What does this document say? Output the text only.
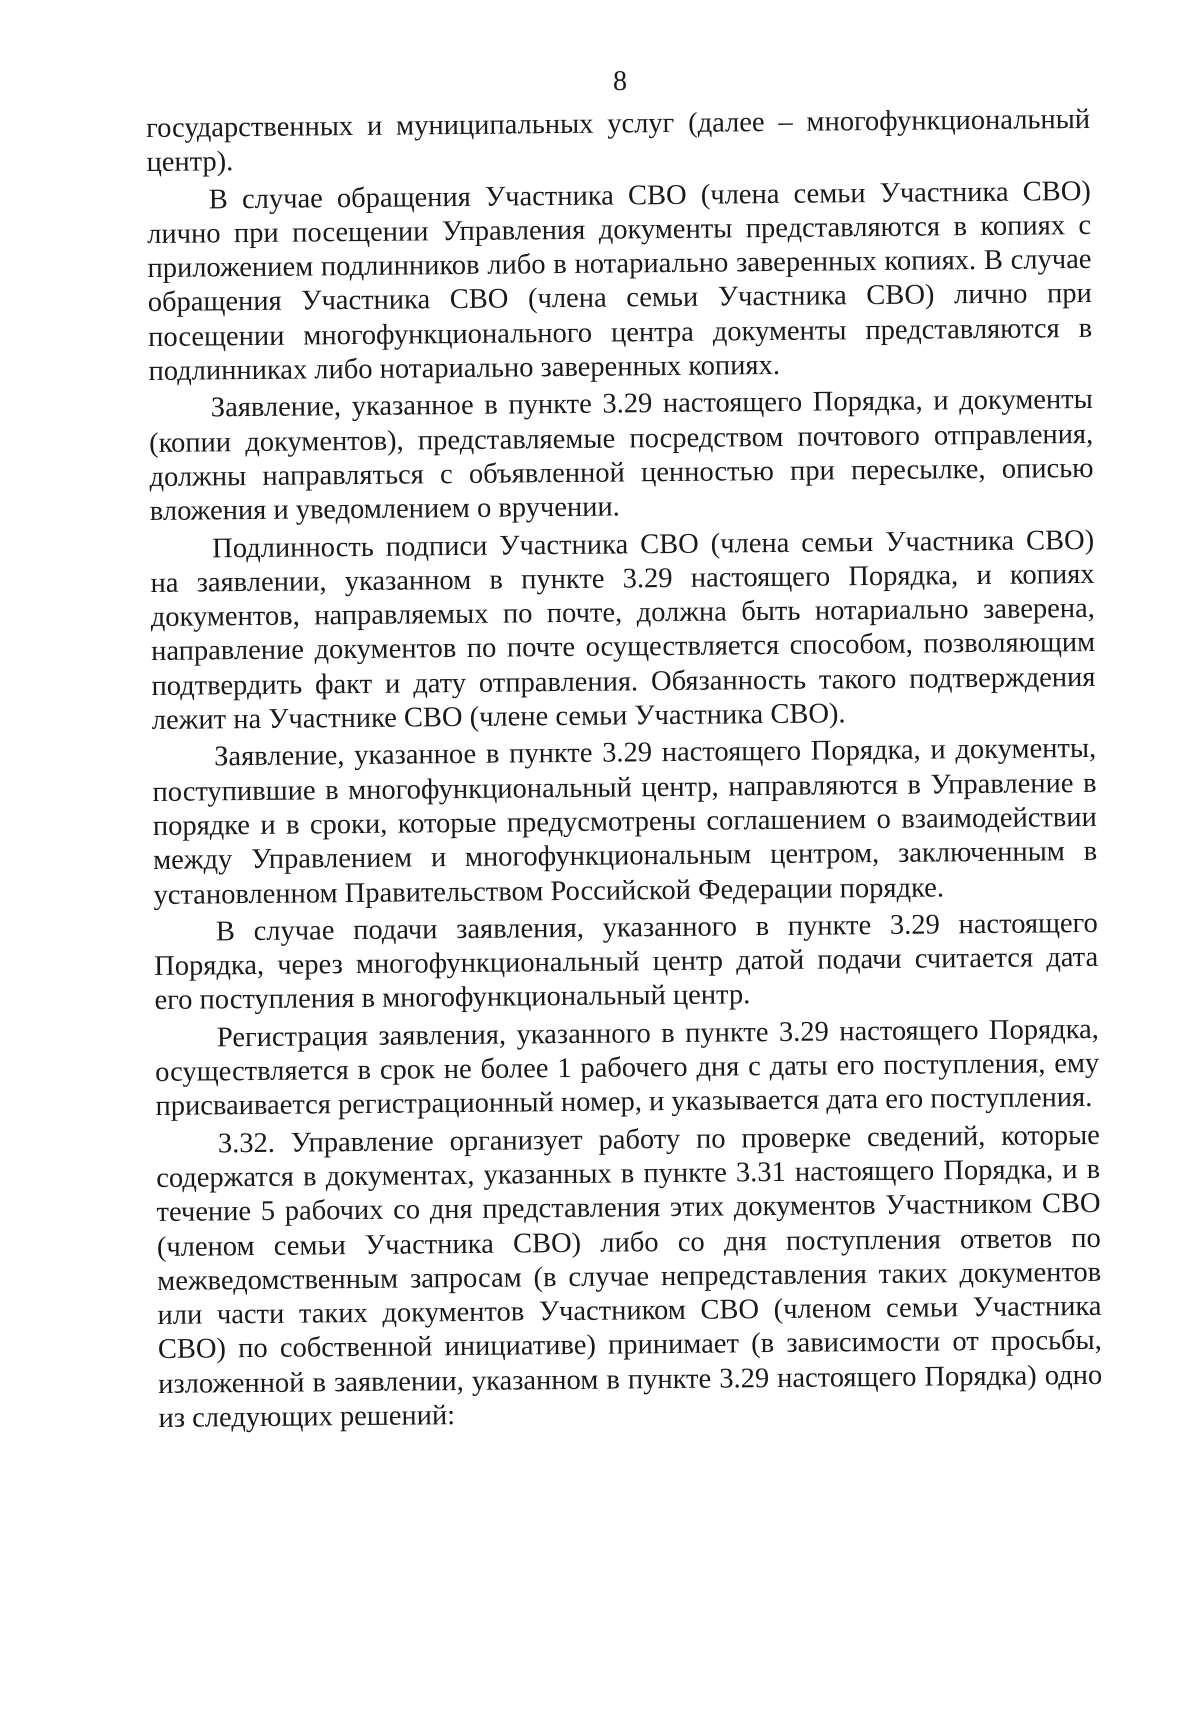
8

государственных и муниципальных услуг (далее – многофункциональный центр).

В случае обращения Участника СВО (члена семьи Участника СВО) лично при посещении Управления документы представляются в копиях с приложением подлинников либо в нотариально заверенных копиях. В случае обращения Участника СВО (члена семьи Участника СВО) лично при посещении многофункционального центра документы представляются в подлинниках либо нотариально заверенных копиях.

Заявление, указанное в пункте 3.29 настоящего Порядка, и документы (копии документов), представляемые посредством почтового отправления, должны направляться с объявленной ценностью при пересылке, описью вложения и уведомлением о вручении.

Подлинность подписи Участника СВО (члена семьи Участника СВО) на заявлении, указанном в пункте 3.29 настоящего Порядка, и копиях документов, направляемых по почте, должна быть нотариально заверена, направление документов по почте осуществляется способом, позволяющим подтвердить факт и дату отправления. Обязанность такого подтверждения лежит на Участнике СВО (члене семьи Участника СВО).

Заявление, указанное в пункте 3.29 настоящего Порядка, и документы, поступившие в многофункциональный центр, направляются в Управление в порядке и в сроки, которые предусмотрены соглашением о взаимодействии между Управлением и многофункциональным центром, заключенным в установленном Правительством Российской Федерации порядке.

В случае подачи заявления, указанного в пункте 3.29 настоящего Порядка, через многофункциональный центр датой подачи считается дата его поступления в многофункциональный центр.

Регистрация заявления, указанного в пункте 3.29 настоящего Порядка, осуществляется в срок не более 1 рабочего дня с даты его поступления, ему присваивается регистрационный номер, и указывается дата его поступления.

3.32. Управление организует работу по проверке сведений, которые содержатся в документах, указанных в пункте 3.31 настоящего Порядка, и в течение 5 рабочих со дня представления этих документов Участником СВО (членом семьи Участника СВО) либо со дня поступления ответов по межведомственным запросам (в случае непредставления таких документов или части таких документов Участником СВО (членом семьи Участника СВО) по собственной инициативе) принимает (в зависимости от просьбы, изложенной в заявлении, указанном в пункте 3.29 настоящего Порядка) одно из следующих решений:
